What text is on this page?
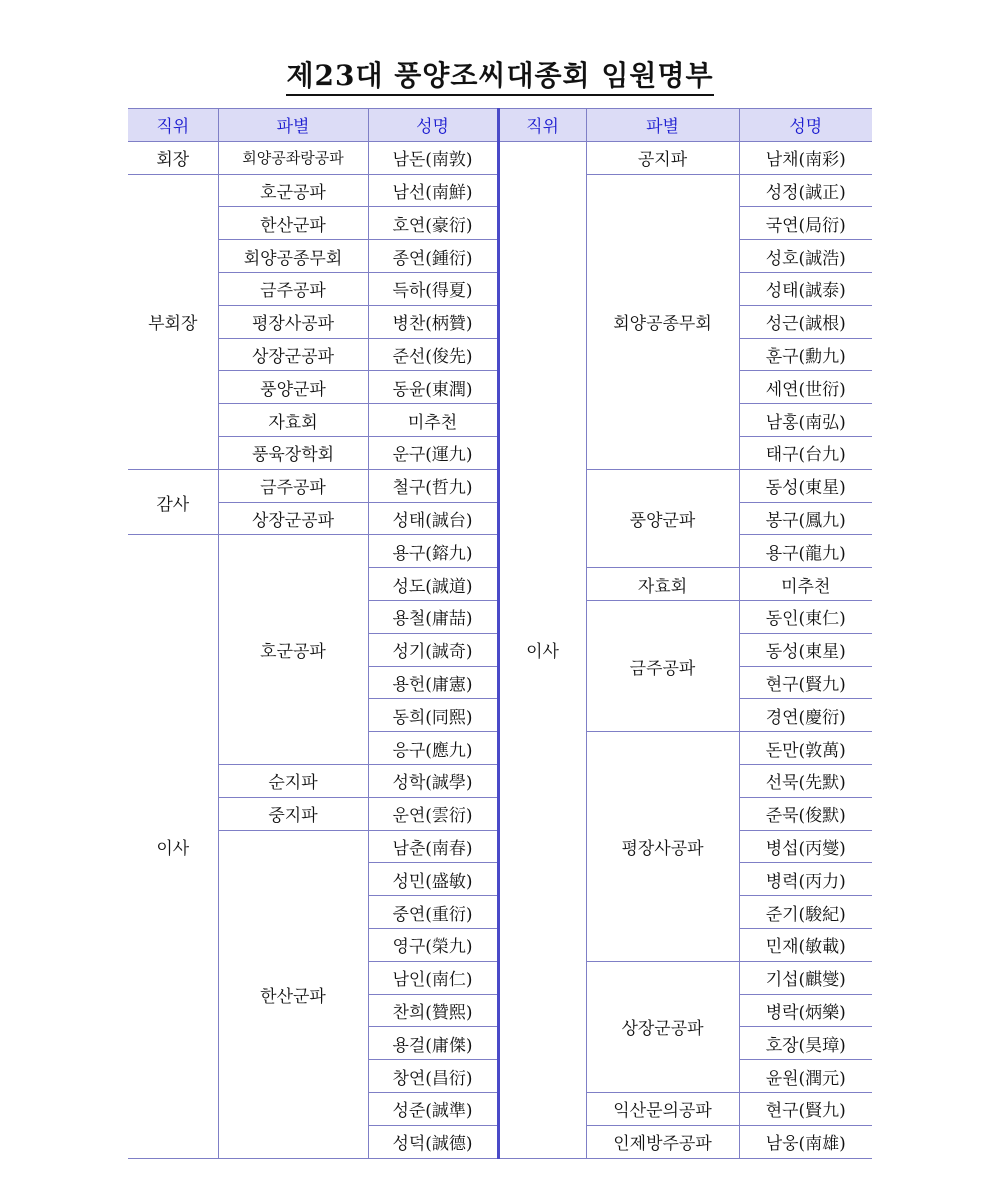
제23대 풍양조씨대종회 임원명부
직위	파별	성명	직위	파별	성명
회장	회양공좌랑공파	남돈(南敦)	이사	공지파	남채(南彩)
부회장	호군공파	남선(南鮮)		회양공종무회	성정(誠正)
	한산군파	호연(豪衍)			국연(局衍)
	회양공종무회	종연(鍾衍)			성호(誠浩)
	금주공파	득하(得夏)			성태(誠泰)
	평장사공파	병찬(柄贊)			성근(誠根)
	상장군공파	준선(俊先)			훈구(勳九)
	풍양군파	동윤(東潤)			세연(世衍)
	자효회	미추천			남홍(南弘)
	풍육장학회	운구(運九)			태구(台九)
감사	금주공파	철구(哲九)		풍양군파	동성(東星)
	상장군공파	성태(誠台)			봉구(鳳九)
이사	호군공파	용구(鎔九)			용구(龍九)
		성도(誠道)		자효회	미추천
		용철(庸喆)		금주공파	동인(東仁)
		성기(誠奇)			동성(東星)
		용헌(庸憲)			현구(賢九)
		동희(同熙)			경연(慶衍)
		응구(應九)		평장사공파	돈만(敦萬)
	순지파	성학(誠學)			선묵(先默)
	중지파	운연(雲衍)			준묵(俊默)
	한산군파	남춘(南春)			병섭(丙燮)
		성민(盛敏)			병력(丙力)
		중연(重衍)			준기(駿紀)
		영구(榮九)			민재(敏載)
		남인(南仁)		상장군공파	기섭(麒燮)
		찬희(贊熙)			병락(炳樂)
		용걸(庸傑)			호장(昊璋)
		창연(昌衍)			윤원(潤元)
		성준(誠準)		익산문의공파	현구(賢九)
		성덕(誠德)		인제방주공파	남웅(南雄)
